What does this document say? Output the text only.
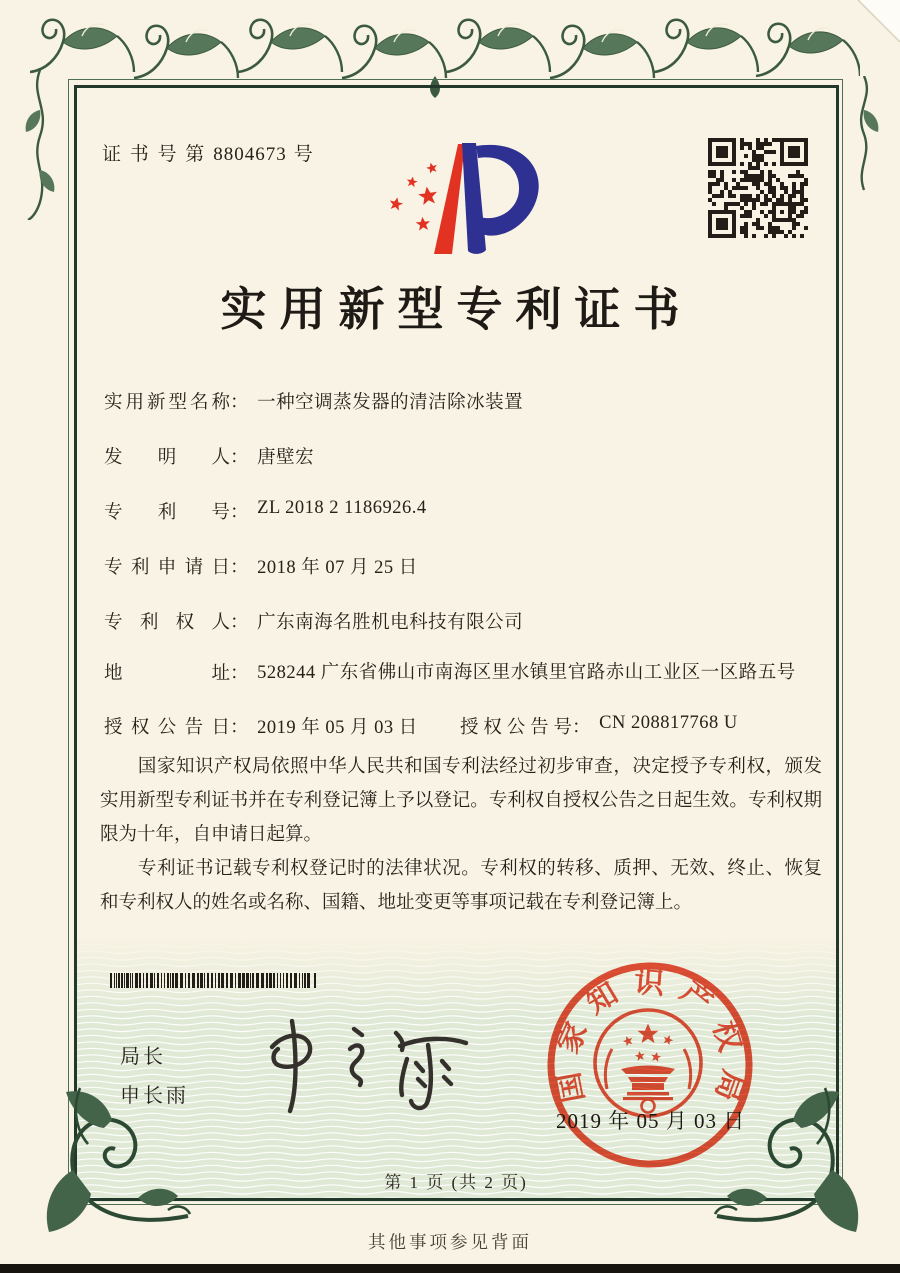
证 书 号 第 8804673 号
实用新型专利证书
实用新型名称： 一种空调蒸发器的清洁除冰装置
发明人： 唐壁宏
专利号： ZL 2018 2 1186926.4
专利申请日： 2018 年 07 月 25 日
专利权人： 广东南海名胜机电科技有限公司
地址： 528244 广东省佛山市南海区里水镇里官路赤山工业区一区路五号
授权公告日： 2019 年 05 月 03 日 授权公告号： CN 208817768 U

国家知识产权局依照中华人民共和国专利法经过初步审查，决定授予专利权，颁发实用新型专利证书并在专利登记簿上予以登记。专利权自授权公告之日起生效。专利权期限为十年，自申请日起算。

专利证书记载专利权登记时的法律状况。专利权的转移、质押、无效、终止、恢复和专利权人的姓名或名称、国籍、地址变更等事项记载在专利登记簿上。

局长
申长雨	国家知识产权局
2019 年 05 月 03 日
第 1 页 (共 2 页)
其他事项参见背面
